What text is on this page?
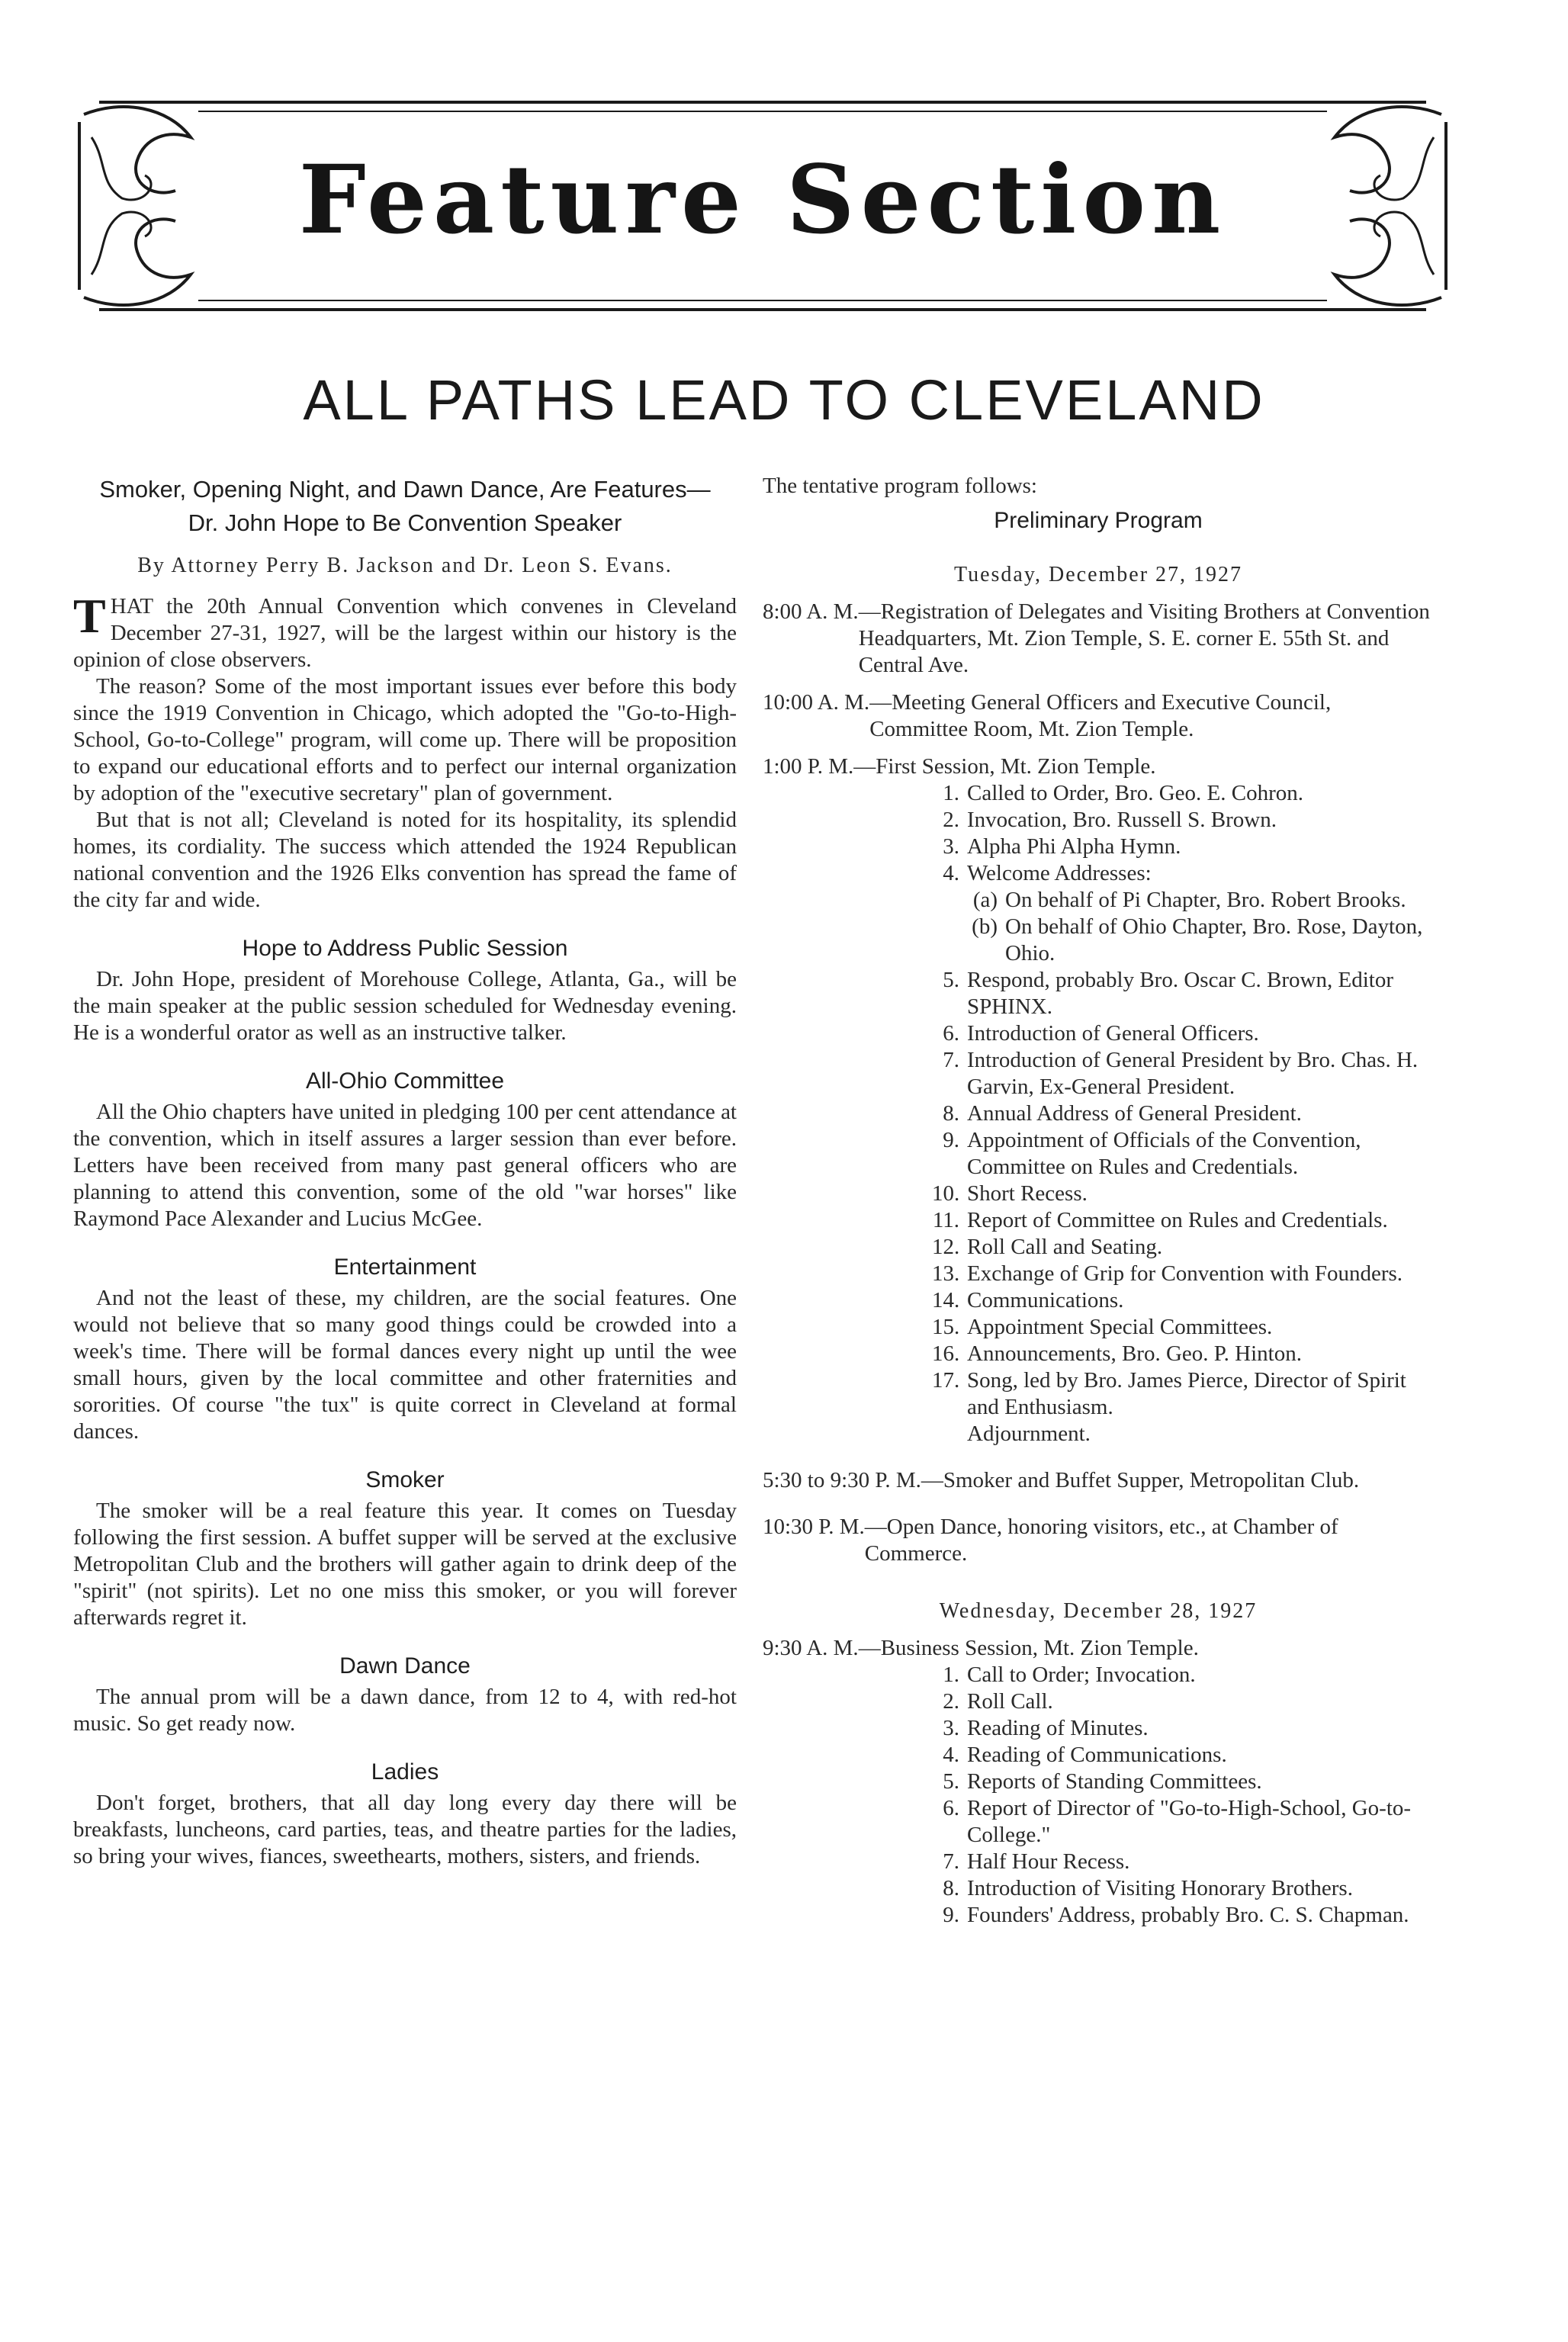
Feature Section
ALL PATHS LEAD TO CLEVELAND
Smoker, Opening Night, and Dawn Dance, Are Features—Dr. John Hope to Be Convention Speaker
By Attorney Perry B. Jackson and Dr. Leon S. Evans.

THAT the 20th Annual Convention which convenes in Cleveland December 27-31, 1927, will be the largest within our history is the opinion of close observers.

The reason? Some of the most important issues ever before this body since the 1919 Convention in Chicago, which adopted the "Go-to-High-School, Go-to-College" program, will come up. There will be proposition to expand our educational efforts and to perfect our internal organization by adoption of the "executive secretary" plan of government.

But that is not all; Cleveland is noted for its hospitality, its splendid homes, its cordiality. The success which attended the 1924 Republican national convention and the 1926 Elks convention has spread the fame of the city far and wide.

Hope to Address Public Session

Dr. John Hope, president of Morehouse College, Atlanta, Ga., will be the main speaker at the public session scheduled for Wednesday evening. He is a wonderful orator as well as an instructive talker.

All-Ohio Committee

All the Ohio chapters have united in pledging 100 per cent attendance at the convention, which in itself assures a larger session than ever before. Letters have been received from many past general officers who are planning to attend this convention, some of the old "war horses" like Raymond Pace Alexander and Lucius McGee.

Entertainment

And not the least of these, my children, are the social features. One would not believe that so many good things could be crowded into a week's time. There will be formal dances every night up until the wee small hours, given by the local committee and other fraternities and sororities. Of course "the tux" is quite correct in Cleveland at formal dances.

Smoker

The smoker will be a real feature this year. It comes on Tuesday following the first session. A buffet supper will be served at the exclusive Metropolitan Club and the brothers will gather again to drink deep of the "spirit" (not spirits). Let no one miss this smoker, or you will forever afterwards regret it.

Dawn Dance

The annual prom will be a dawn dance, from 12 to 4, with red-hot music. So get ready now.

Ladies

Don't forget, brothers, that all day long every day there will be breakfasts, luncheons, card parties, teas, and theatre parties for the ladies, so bring your wives, fiances, sweethearts, mothers, sisters, and friends.

The tentative program follows:
Preliminary Program
Tuesday, December 27, 1927
8:00 A. M. —Registration of Delegates and Visiting Brothers at Convention Headquarters, Mt. Zion Temple, S. E. corner E. 55th St. and Central Ave.
10:00 A. M. —Meeting General Officers and Executive Council, Committee Room, Mt. Zion Temple.
1:00 P. M. —First Session, Mt. Zion Temple.
1. Called to Order, Bro. Geo. E. Cohron.
2. Invocation, Bro. Russell S. Brown.
3. Alpha Phi Alpha Hymn.
4. Welcome Addresses:
(a) On behalf of Pi Chapter, Bro. Robert Brooks.
(b) On behalf of Ohio Chapter, Bro. Rose, Dayton, Ohio.
5. Respond, probably Bro. Oscar C. Brown, Editor SPHINX.
6. Introduction of General Officers.
7. Introduction of General President by Bro. Chas. H. Garvin, Ex-General President.
8. Annual Address of General President.
9. Appointment of Officials of the Convention, Committee on Rules and Credentials.
10. Short Recess.
11. Report of Committee on Rules and Credentials.
12. Roll Call and Seating.
13. Exchange of Grip for Convention with Founders.
14. Communications.
15. Appointment Special Committees.
16. Announcements, Bro. Geo. P. Hinton.
17. Song, led by Bro. James Pierce, Director of Spirit and Enthusiasm.
Adjournment.
5:30 to 9:30 P. M. —Smoker and Buffet Supper, Metropolitan Club.
10:30 P. M. —Open Dance, honoring visitors, etc., at Chamber of Commerce.
Wednesday, December 28, 1927
9:30 A. M. —Business Session, Mt. Zion Temple.
1. Call to Order; Invocation.
2. Roll Call.
3. Reading of Minutes.
4. Reading of Communications.
5. Reports of Standing Committees.
6. Report of Director of "Go-to-High-School, Go-to-College."
7. Half Hour Recess.
8. Introduction of Visiting Honorary Brothers.
9. Founders' Address, probably Bro. C. S. Chapman.
